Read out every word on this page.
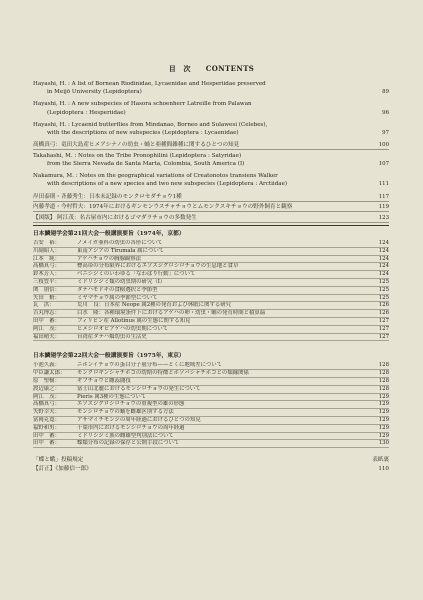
目　次 CONTENTS
Hayashi, H. : A list of Bornean Riodinidae, Lycaenidae and Hesperiidae preserved
in Meijō University (Lepidoptera)	89
Hayashi, H. : A new subspecies of Hasora schoenherr Latreille from Palawan
(Lepidoptera : Hesperiidae)	96
Hayashi, H. : Lycaenid butterflies from Mindanao, Borneo and Sulawesi (Celebes),
with the descriptions of new subspecies (Lepidoptera : Lycaenidae)	97
高橋真弓：竜田大島産ヒメアシナノの幼虫・蛹と亜種間雑種に関するひとつの知見	100
Takahashi, M. : Notes on the Tribe Pronophilini (Lepidoptera : Satyridae)
from the Sierra Nevada de Santa Marta, Colombia, South America (I)	107
Nakamura, M. : Notes on the geographical variations of Creatonotos transiens Walker
with descriptions of a new species and two new subspecies (Lepidoptera : Arctiidae)	111
岸田泰則・斉藤秀生：日本未記録のモンクロセダチョウ1種	117
内藤孝道・今村哲夫：1974年におけるギンモンウスチャチョウとムモンクスキチョウの野外飼育と観察	119
【図版】 阿江茂：名古屋市内におけるゴマダラチョウの多数発生	123
日本鱗翅学会第21回大会一般講演要旨（1974年，京都）
吉安　裕：	ノメイガ亜科の幼虫の各形について	124
川副昭人：	東南アジアの Tirumala 属について	124
江本　純：	アゲハチョウの胸腺観察法	124
高橋真弓：	標高帯の分布限界におけるエゾスジグロシロチョウの生息地と食草	124
鈴木芳人：	ベニシジミのいわゆる「なわばり行動」について	124
三枝豊平：	ミドリシジミ類の幼虫期の研究（I）	125
関　朋信：	タテハモドキの食樹選択と季節型	125
矢田　脩：	ミヤマチョウ属の季節型について	125
瓦　洪：	荒川　良：日本産 Neope 属2種の発育および休眠に関する研究	126
吉丸博志：	白水　隆：各種環境条件下におけるアゲハの卵・幼虫・蛹の発育時間と積算温	126
田中　蕃：	フィリピン産 Allotinus 属の生態に関する知見	127
阿江　茂：	ヒメシロオビアゲハの幼虫期について	127
福田晴夫：	台湾産タテハ類幼虫の生活史	127
日本鱗翅学会第22回大会一般講演要旨（1975年，東京）
小池久義：	ニホンイチョウの蛋白分子量分布——とくに地域差について	128
中臣謙太郎： モンクロギンシャチホコの幼期の特徴とホソバシャチホコとの類縁関係	128
原　聖樹：	ギフチョウと雌蕊闘技	128
渡辺康之：	富士山北麓におけるモンシロチョウの発生について	128
阿江　茂：	Pieris 属3種の生態について	129
高橋真弓：	エゾスジグロシロチョウの重複型の雄の形態	129
矢野幸夫：	モンシロチョウの蛹を雌雄区別する方法	129
富岡克寛：	アサマイチモンジの周年経過におけるひとつの知見	129
福野和男：	千葉市内におけるモンシロチョウの周年経過	129
田中　蕃：	ミドリシジミ族の雌雄型判別法について	129
田中　蕃：	蝶類分布の記録の保存と公開手段について	130
「蝶と蛾」投稿規定	表紙裏
【訂正】《加藤信一郎》	110
